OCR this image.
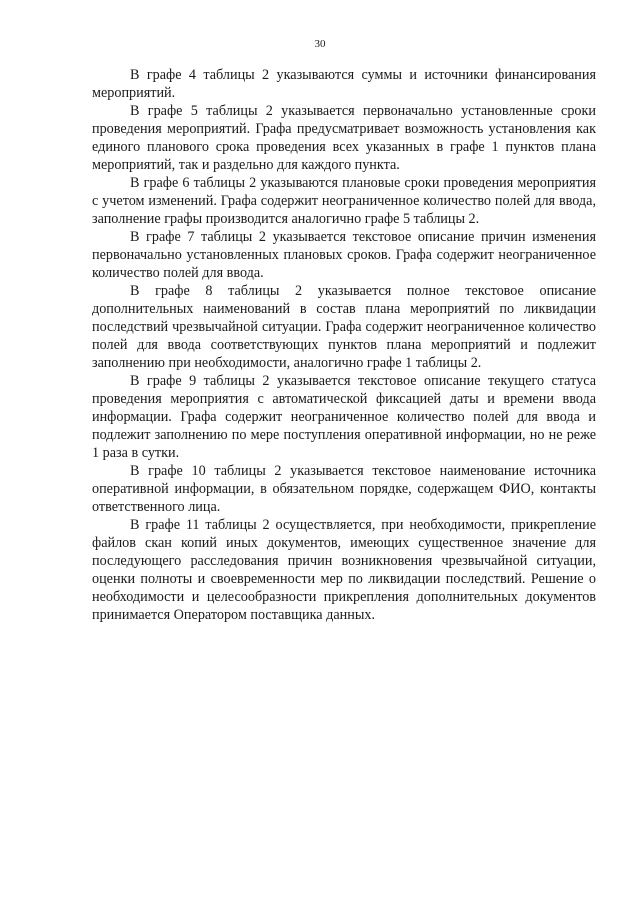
30

В графе 4 таблицы 2 указываются суммы и источники финансирования мероприятий.

В графе 5 таблицы 2 указывается первоначально установленные сроки проведения мероприятий. Графа предусматривает возможность установления как единого планового срока проведения всех указанных в графе 1 пунктов плана мероприятий, так и раздельно для каждого пункта.

В графе 6 таблицы 2 указываются плановые сроки проведения мероприятия с учетом изменений. Графа содержит неограниченное количество полей для ввода, заполнение графы производится аналогично графе 5 таблицы 2.

В графе 7 таблицы 2 указывается текстовое описание причин изменения первоначально установленных плановых сроков. Графа содержит неограниченное количество полей для ввода.

В графе 8 таблицы 2 указывается полное текстовое описание дополнительных наименований в состав плана мероприятий по ликвидации последствий чрезвычайной ситуации. Графа содержит неограниченное количество полей для ввода соответствующих пунктов плана мероприятий и подлежит заполнению при необходимости, аналогично графе 1 таблицы 2.

В графе 9 таблицы 2 указывается текстовое описание текущего статуса проведения мероприятия с автоматической фиксацией даты и времени ввода информации. Графа содержит неограниченное количество полей для ввода и подлежит заполнению по мере поступления оперативной информации, но не реже 1 раза в сутки.

В графе 10 таблицы 2 указывается текстовое наименование источника оперативной информации, в обязательном порядке, содержащем ФИО, контакты ответственного лица.

В графе 11 таблицы 2 осуществляется, при необходимости, прикрепление файлов скан копий иных документов, имеющих существенное значение для последующего расследования причин возникновения чрезвычайной ситуации, оценки полноты и своевременности мер по ликвидации последствий. Решение о необходимости и целесообразности прикрепления дополнительных документов принимается Оператором поставщика данных.
